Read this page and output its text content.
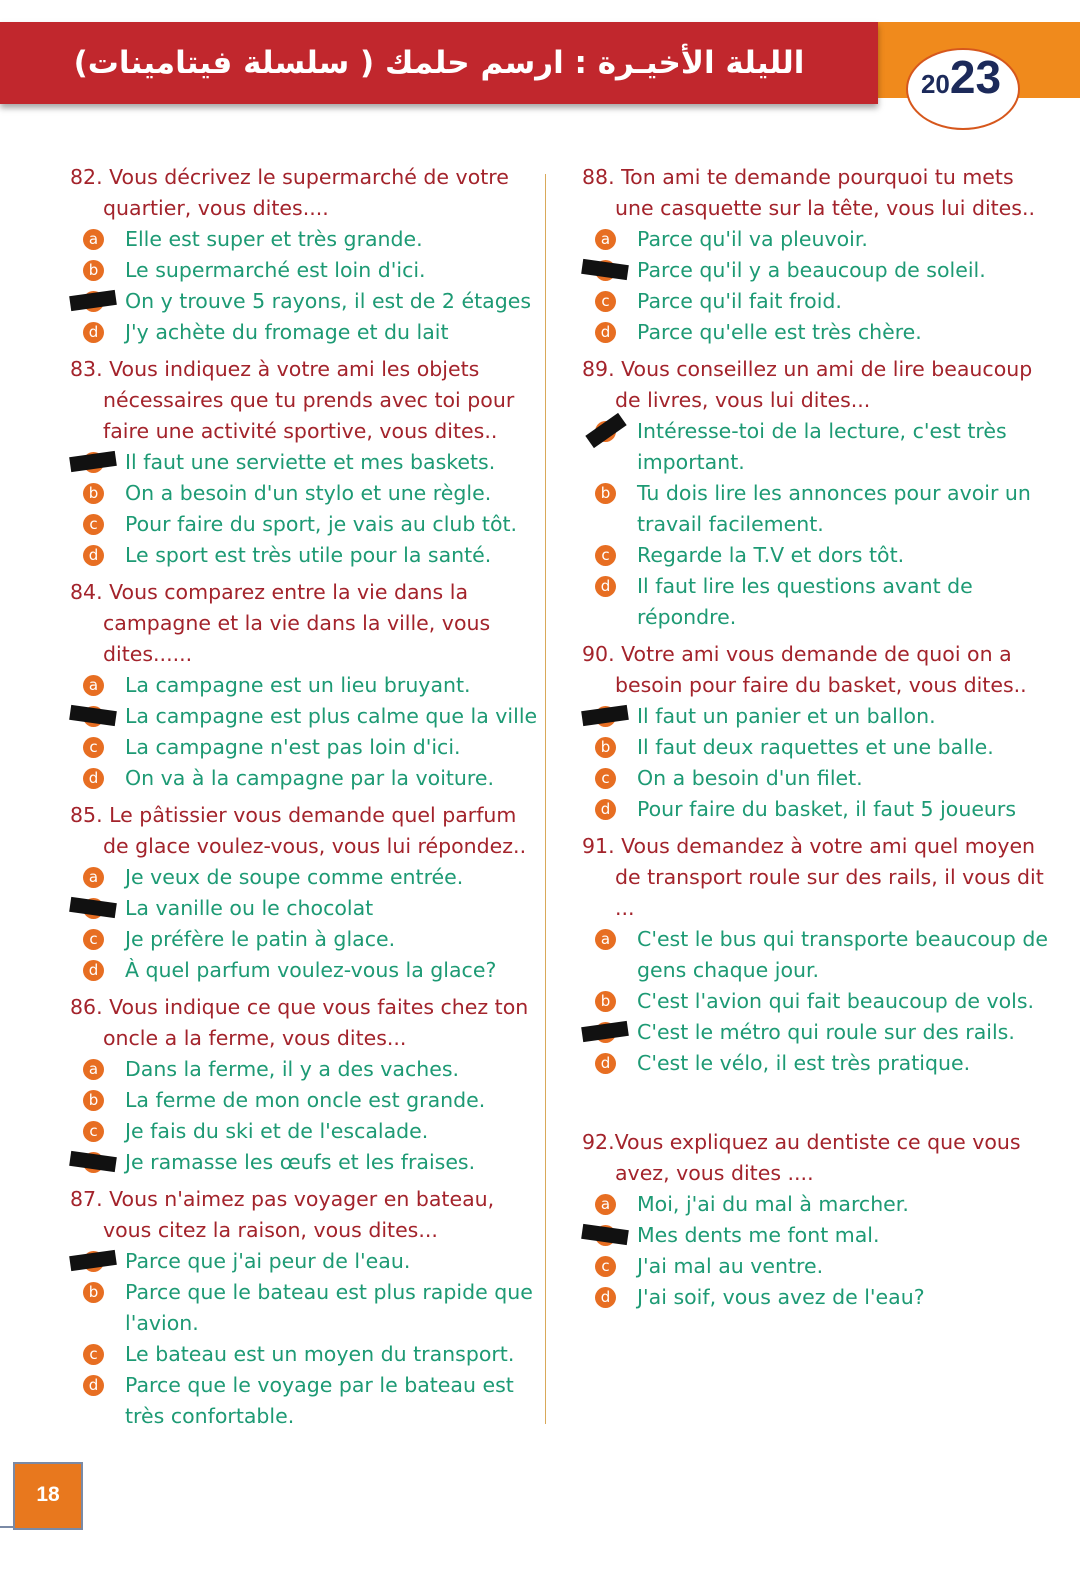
الليلة الأخيـرة : ارسم حلمك ( سلسلة فيتامينات)
2023

82. Vous décrivez le supermarché de votre quartier, vous dites....

a Elle est super et très grande.
b Le supermarché est loin d'ici.
On y trouve 5 rayons, il est de 2 étages
d J'y achète du fromage et du lait

83. Vous indiquez à votre ami les objets nécessaires que tu prends avec toi pour faire une activité sportive, vous dites..

Il faut une serviette et mes baskets.
b On a besoin d'un stylo et une règle.
c	Pour faire du sport, je vais au club tôt.
d Le sport est très utile pour la santé.

84. Vous comparez entre la vie dans la campagne et la vie dans la ville, vous dites......

a La campagne est un lieu bruyant.
La campagne est plus calme que la ville
c	La campagne n'est pas loin d'ici.
d On va à la campagne par la voiture.

85. Le pâtissier vous demande quel parfum de glace voulez-vous, vous lui répondez..

a Je veux de soupe comme entrée.
La vanille ou le chocolat
c	Je préfère le patin à glace.
d À quel parfum voulez-vous la glace?

86. Vous indique ce que vous faites chez ton oncle a la ferme, vous dites...

a Dans la ferme, il y a des vaches.
b La ferme de mon oncle est grande.
c	Je fais du ski et de l'escalade.
Je ramasse les œufs et les fraises.

87. Vous n'aimez pas voyager en bateau, vous citez la raison, vous dites...

Parce que j'ai peur de l'eau.
b Parce que le bateau est plus rapide que l'avion.
c	Le bateau est un moyen du transport.
d Parce que le voyage par le bateau est très confortable.

88. Ton ami te demande pourquoi tu mets une casquette sur la tête, vous lui dites..

a Parce qu'il va pleuvoir.
Parce qu'il y a beaucoup de soleil.
c	Parce qu'il fait froid.
d Parce qu'elle est très chère.

89. Vous conseillez un ami de lire beaucoup de livres, vous lui dites...

Intéresse-toi de la lecture, c'est très important.
b Tu dois lire les annonces pour avoir un travail facilement.
c	Regarde la T.V et dors tôt.
d Il faut lire les questions avant de répondre.

90. Votre ami vous demande de quoi on a besoin pour faire du basket, vous dites..

Il faut un panier et un ballon.
b Il faut deux raquettes et une balle.
c	On a besoin d'un filet.
d Pour faire du basket, il faut 5 joueurs

91. Vous demandez à votre ami quel moyen de transport roule sur des rails, il vous dit ...

a C'est le bus qui transporte beaucoup de gens chaque jour.
b C'est l'avion qui fait beaucoup de vols.
C'est le métro qui roule sur des rails.
d C'est le vélo, il est très pratique.

92.Vous expliquez au dentiste ce que vous avez, vous dites ....

a Moi, j'ai du mal à marcher.
Mes dents me font mal.
c	J'ai mal au ventre.
d J'ai soif, vous avez de l'eau?
18
